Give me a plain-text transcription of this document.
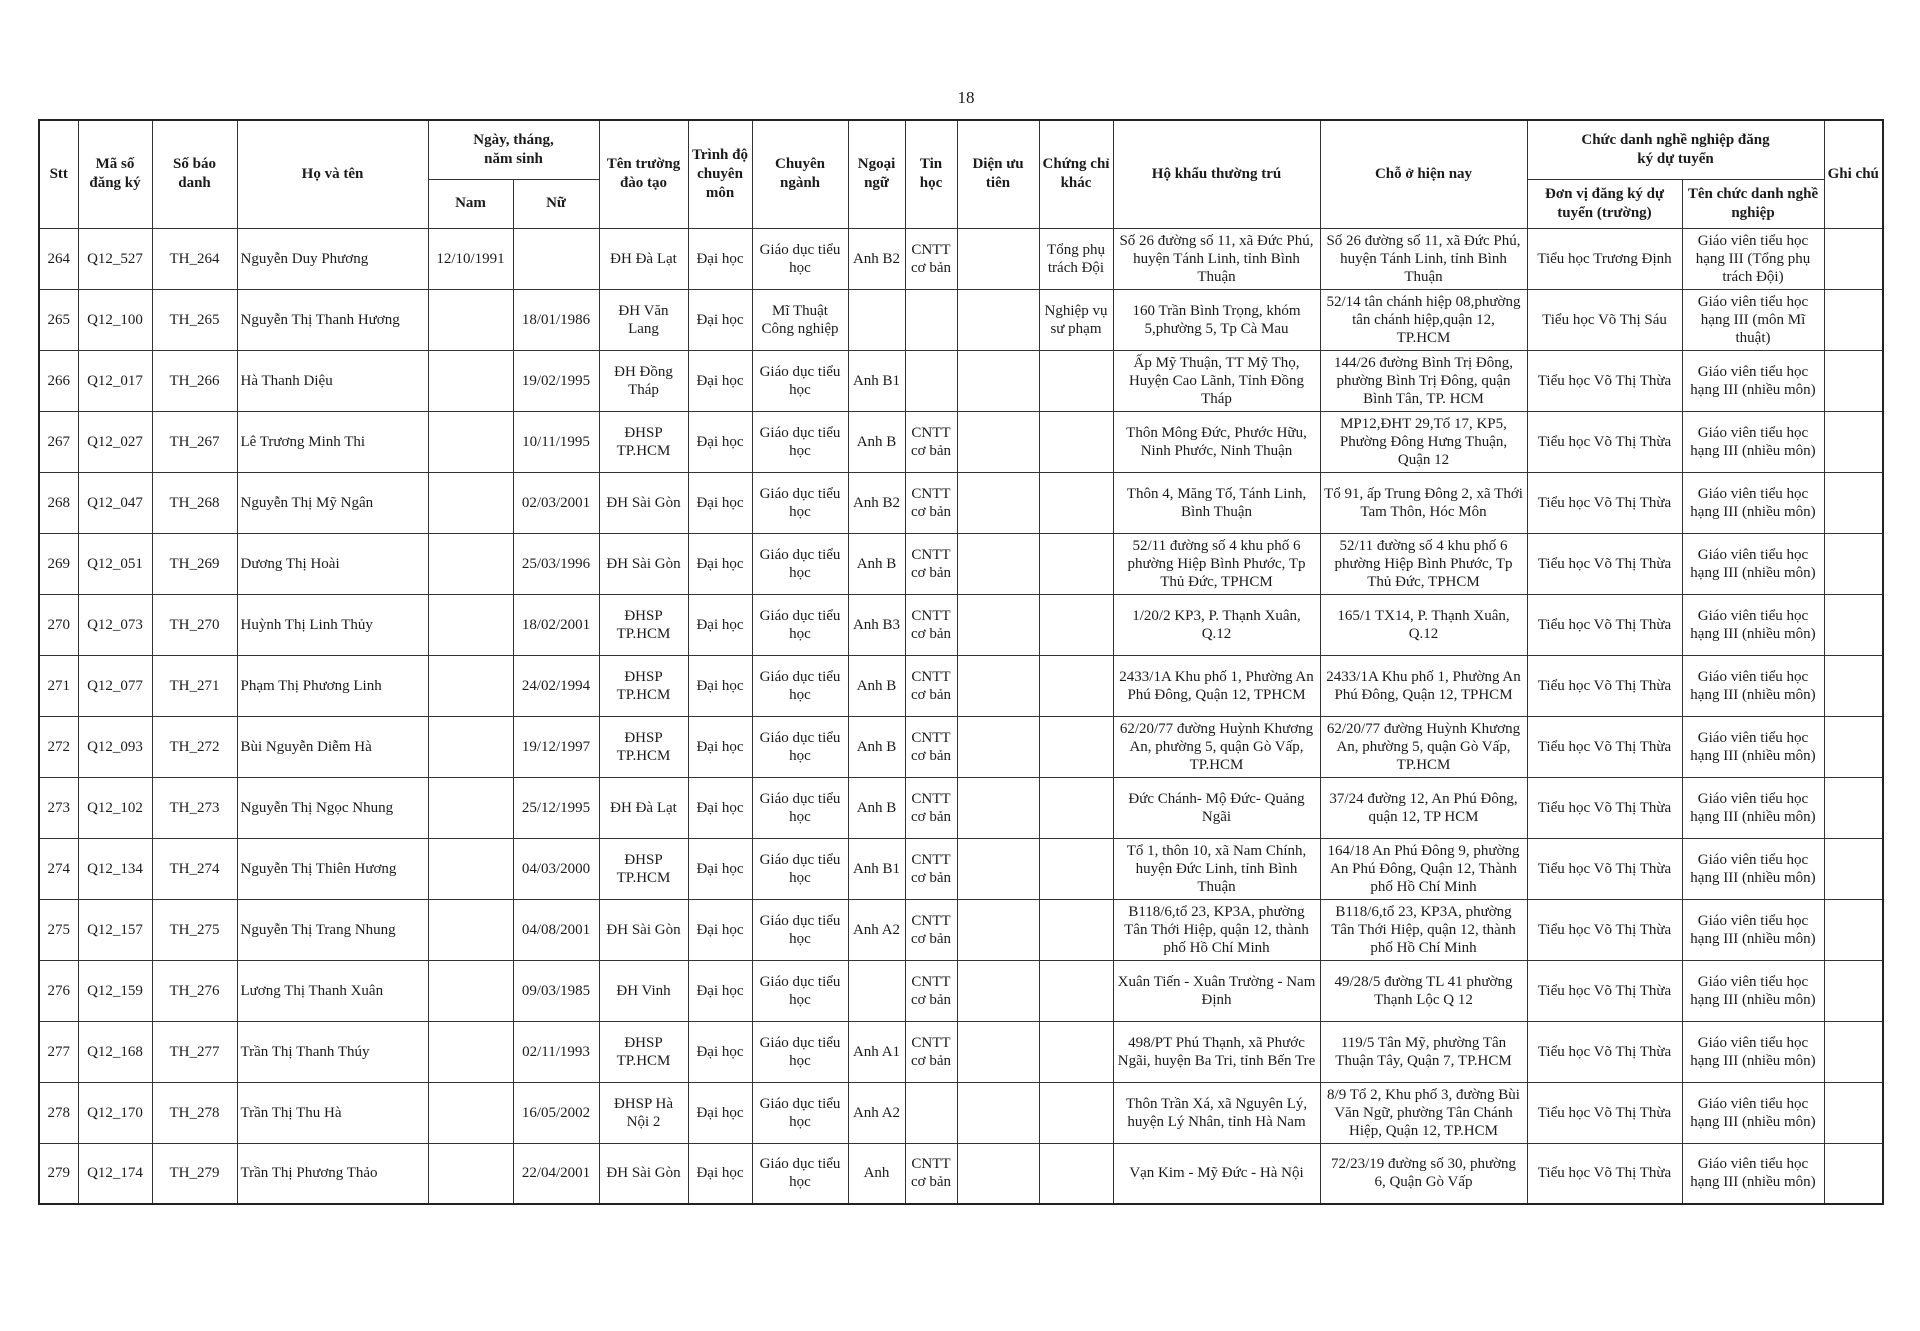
18
Stt	Mã số đăng ký	Số báo danh	Họ và tên	Ngày, tháng, năm sinh		Tên trường đào tạo	Trình độ chuyên môn	Chuyên ngành	Ngoại ngữ	Tin học	Diện ưu tiên	Chứng chỉ khác	Hộ khẩu thường trú	Chỗ ở hiện nay	Chức danh nghề nghiệp đăng ký dự tuyển		Ghi chú
				Nam	Nữ										Đơn vị đăng ký dự tuyển (trường)	Tên chức danh nghề nghiệp	
264	Q12_527	TH_264	Nguyễn Duy Phương	12/10/1991		ĐH Đà Lạt	Đại học	Giáo dục tiểu học	Anh B2	CNTT cơ bản		Tổng phụ trách Đội	Số 26 đường số 11, xã Đức Phú, huyện Tánh Linh, tỉnh Bình Thuận	Số 26 đường số 11, xã Đức Phú, huyện Tánh Linh, tỉnh Bình Thuận	Tiểu học Trương Định	Giáo viên tiểu học hạng III (Tổng phụ trách Đội)	
265	Q12_100	TH_265	Nguyễn Thị Thanh Hương		18/01/1986	ĐH Văn Lang	Đại học	Mĩ Thuật Công nghiệp				Nghiệp vụ sư phạm	160 Trần Bình Trọng, khóm 5,phường 5, Tp Cà Mau	52/14 tân chánh hiệp 08,phường tân chánh hiệp,quận 12, TP.HCM	Tiểu học Võ Thị Sáu	Giáo viên tiểu học hạng III (môn Mĩ thuật)	
266	Q12_017	TH_266	Hà Thanh Diệu		19/02/1995	ĐH Đồng Tháp	Đại học	Giáo dục tiểu học	Anh B1				Ấp Mỹ Thuận, TT Mỹ Thọ, Huyện Cao Lãnh, Tỉnh Đồng Tháp	144/26 đường Bình Trị Đông, phường Bình Trị Đông, quận Bình Tân, TP. HCM	Tiểu học Võ Thị Thừa	Giáo viên tiểu học hạng III (nhiều môn)	
267	Q12_027	TH_267	Lê Trương Minh Thi		10/11/1995	ĐHSP TP.HCM	Đại học	Giáo dục tiểu học	Anh B	CNTT cơ bản			Thôn Mông Đức, Phước Hữu, Ninh Phước, Ninh Thuận	MP12,ĐHT 29,Tổ 17, KP5, Phường Đông Hưng Thuận, Quận 12	Tiểu học Võ Thị Thừa	Giáo viên tiểu học hạng III (nhiều môn)	
268	Q12_047	TH_268	Nguyễn Thị Mỹ Ngân		02/03/2001	ĐH Sài Gòn	Đại học	Giáo dục tiểu học	Anh B2	CNTT cơ bản			Thôn 4, Măng Tố, Tánh Linh, Bình Thuận	Tổ 91, ấp Trung Đông 2, xã Thới Tam Thôn, Hóc Môn	Tiểu học Võ Thị Thừa	Giáo viên tiểu học hạng III (nhiều môn)	
269	Q12_051	TH_269	Dương Thị Hoài		25/03/1996	ĐH Sài Gòn	Đại học	Giáo dục tiểu học	Anh B	CNTT cơ bản			52/11 đường số 4 khu phố 6 phường Hiệp Bình Phước, Tp Thủ Đức, TPHCM	52/11 đường số 4 khu phố 6 phường Hiệp Bình Phước, Tp Thủ Đức, TPHCM	Tiểu học Võ Thị Thừa	Giáo viên tiểu học hạng III (nhiều môn)	
270	Q12_073	TH_270	Huỳnh Thị Linh Thủy		18/02/2001	ĐHSP TP.HCM	Đại học	Giáo dục tiểu học	Anh B3	CNTT cơ bản			1/20/2 KP3, P. Thạnh Xuân, Q.12	165/1 TX14, P. Thạnh Xuân, Q.12	Tiểu học Võ Thị Thừa	Giáo viên tiểu học hạng III (nhiều môn)	
271	Q12_077	TH_271	Phạm Thị Phương Linh		24/02/1994	ĐHSP TP.HCM	Đại học	Giáo dục tiểu học	Anh B	CNTT cơ bản			2433/1A Khu phố 1, Phường An Phú Đông, Quận 12, TPHCM	2433/1A Khu phố 1, Phường An Phú Đông, Quận 12, TPHCM	Tiểu học Võ Thị Thừa	Giáo viên tiểu học hạng III (nhiều môn)	
272	Q12_093	TH_272	Bùi Nguyễn Diễm Hà		19/12/1997	ĐHSP TP.HCM	Đại học	Giáo dục tiểu học	Anh B	CNTT cơ bản			62/20/77 đường Huỳnh Khương An, phường 5, quận Gò Vấp, TP.HCM	62/20/77 đường Huỳnh Khương An, phường 5, quận Gò Vấp, TP.HCM	Tiểu học Võ Thị Thừa	Giáo viên tiểu học hạng III (nhiều môn)	
273	Q12_102	TH_273	Nguyễn Thị Ngọc Nhung		25/12/1995	ĐH Đà Lạt	Đại học	Giáo dục tiểu học	Anh B	CNTT cơ bản			Đức Chánh- Mộ Đức- Quảng Ngãi	37/24 đường 12, An Phú Đông, quận 12, TP HCM	Tiểu học Võ Thị Thừa	Giáo viên tiểu học hạng III (nhiều môn)	
274	Q12_134	TH_274	Nguyễn Thị Thiên Hương		04/03/2000	ĐHSP TP.HCM	Đại học	Giáo dục tiểu học	Anh B1	CNTT cơ bản			Tổ 1, thôn 10, xã Nam Chính, huyện Đức Linh, tỉnh Bình Thuận	164/18 An Phú Đông 9, phường An Phú Đông, Quận 12, Thành phố Hồ Chí Minh	Tiểu học Võ Thị Thừa	Giáo viên tiểu học hạng III (nhiều môn)	
275	Q12_157	TH_275	Nguyễn Thị Trang Nhung		04/08/2001	ĐH Sài Gòn	Đại học	Giáo dục tiểu học	Anh A2	CNTT cơ bản			B118/6,tổ 23, KP3A, phường Tân Thới Hiệp, quận 12, thành phố Hồ Chí Minh	B118/6,tổ 23, KP3A, phường Tân Thới Hiệp, quận 12, thành phố Hồ Chí Minh	Tiểu học Võ Thị Thừa	Giáo viên tiểu học hạng III (nhiều môn)	
276	Q12_159	TH_276	Lương Thị Thanh Xuân		09/03/1985	ĐH Vinh	Đại học	Giáo dục tiểu học		CNTT cơ bản			Xuân Tiến - Xuân Trường - Nam Định	49/28/5 đường TL 41 phường Thạnh Lộc Q 12	Tiểu học Võ Thị Thừa	Giáo viên tiểu học hạng III (nhiều môn)	
277	Q12_168	TH_277	Trần Thị Thanh Thúy		02/11/1993	ĐHSP TP.HCM	Đại học	Giáo dục tiểu học	Anh A1	CNTT cơ bản			498/PT Phú Thạnh, xã Phước Ngãi, huyện Ba Tri, tỉnh Bến Tre	119/5 Tân Mỹ, phường Tân Thuận Tây, Quận 7, TP.HCM	Tiểu học Võ Thị Thừa	Giáo viên tiểu học hạng III (nhiều môn)	
278	Q12_170	TH_278	Trần Thị Thu Hà		16/05/2002	ĐHSP Hà Nội 2	Đại học	Giáo dục tiểu học	Anh A2				Thôn Trần Xá, xã Nguyên Lý, huyện Lý Nhân, tỉnh Hà Nam	8/9 Tổ 2, Khu phố 3, đường Bùi Văn Ngữ, phường Tân Chánh Hiệp, Quận 12, TP.HCM	Tiểu học Võ Thị Thừa	Giáo viên tiểu học hạng III (nhiều môn)	
279	Q12_174	TH_279	Trần Thị Phương Thảo		22/04/2001	ĐH Sài Gòn	Đại học	Giáo dục tiểu học	Anh	CNTT cơ bản			Vạn Kim - Mỹ Đức - Hà Nội	72/23/19 đường số 30, phường 6, Quận Gò Vấp	Tiểu học Võ Thị Thừa	Giáo viên tiểu học hạng III (nhiều môn)	
